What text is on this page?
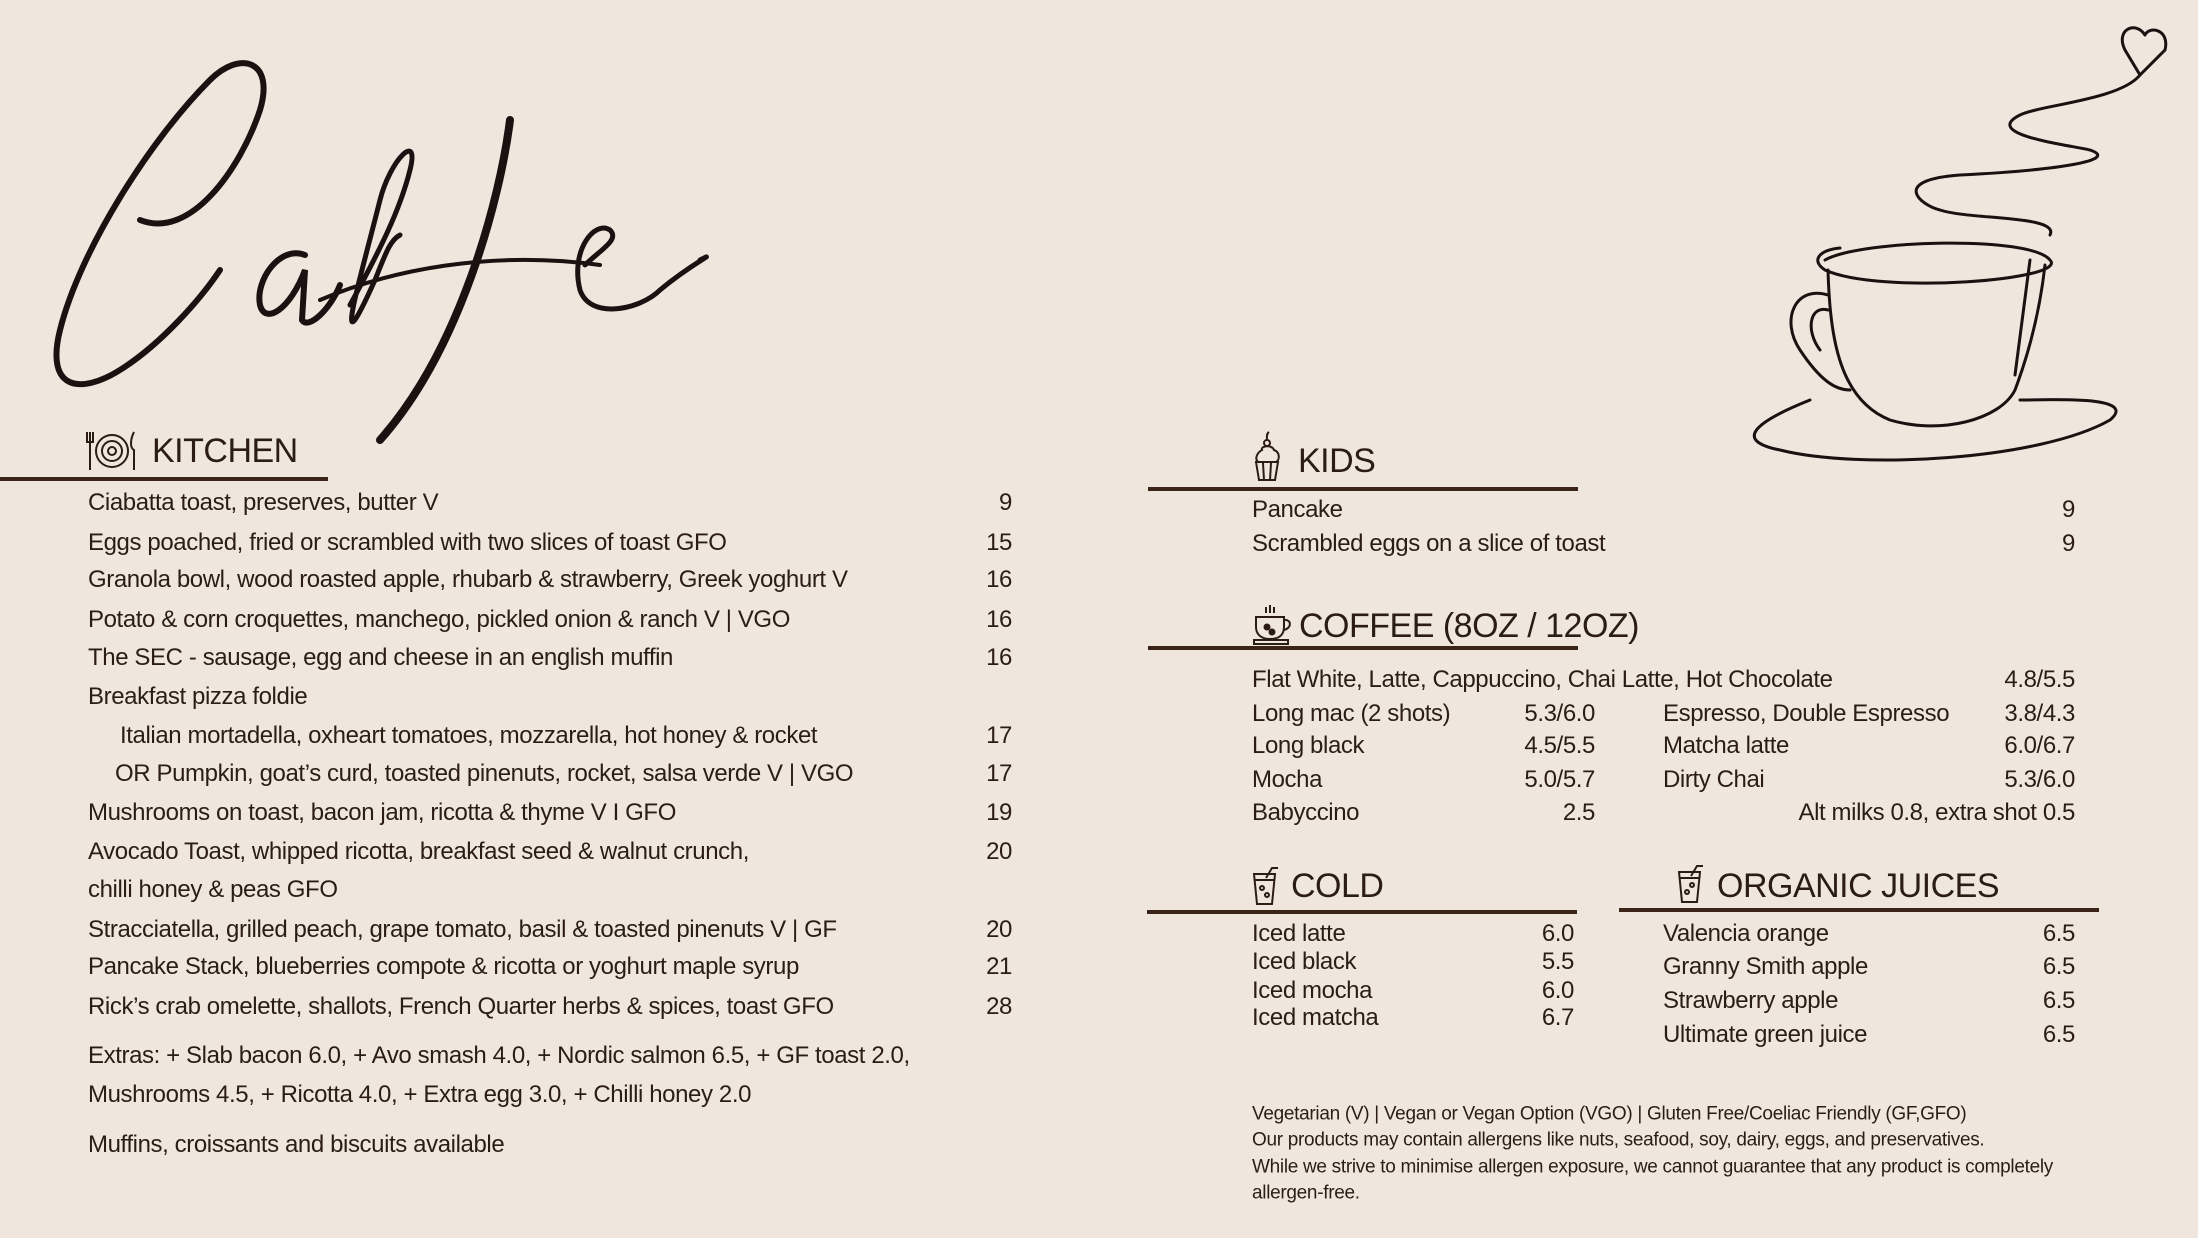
KITCHEN
Ciabatta toast, preserves, butter V	9
Eggs poached, fried or scrambled with two slices of toast GFO	15
Granola bowl, wood roasted apple, rhubarb & strawberry, Greek yoghurt V	16
Potato & corn croquettes, manchego, pickled onion & ranch V | VGO	16
The SEC - sausage, egg and cheese in an english muffin	16
Breakfast pizza foldie
Italian mortadella, oxheart tomatoes, mozzarella, hot honey & rocket	17
OR Pumpkin, goat’s curd, toasted pinenuts, rocket, salsa verde V | VGO	17
Mushrooms on toast, bacon jam, ricotta & thyme V I GFO	19
Avocado Toast, whipped ricotta, breakfast seed & walnut crunch,	20
chilli honey & peas GFO
Stracciatella, grilled peach, grape tomato, basil & toasted pinenuts V | GF	20
Pancake Stack, blueberries compote & ricotta or yoghurt maple syrup	21
Rick’s crab omelette, shallots, French Quarter herbs & spices, toast GFO	28
Extras: + Slab bacon 6.0, + Avo smash 4.0, + Nordic salmon 6.5, + GF toast 2.0,
Mushrooms 4.5, + Ricotta 4.0, + Extra egg 3.0, + Chilli honey 2.0
Muffins, croissants and biscuits available
KIDS
Pancake	9
Scrambled eggs on a slice of toast	9
COFFEE (8OZ / 12OZ)
Flat White, Latte, Cappuccino, Chai Latte, Hot Chocolate	4.8/5.5
Long mac (2 shots)	5.3/6.0
Long black	4.5/5.5
Mocha	5.0/5.7
Babyccino	2.5
Espresso, Double Espresso 3.8/4.3
Matcha latte	6.0/6.7
Dirty Chai	5.3/6.0
Alt milks 0.8, extra shot 0.5
COLD
Iced latte	6.0
Iced black	5.5
Iced mocha	6.0
Iced matcha	6.7
ORGANIC JUICES
Valencia orange	6.5
Granny Smith apple	6.5
Strawberry apple	6.5
Ultimate green juice	6.5
Vegetarian (V) | Vegan or Vegan Option (VGO) | Gluten Free/Coeliac Friendly (GF,GFO)
Our products may contain allergens like nuts, seafood, soy, dairy, eggs, and preservatives.
While we strive to minimise allergen exposure, we cannot guarantee that any product is completely
allergen-free.
